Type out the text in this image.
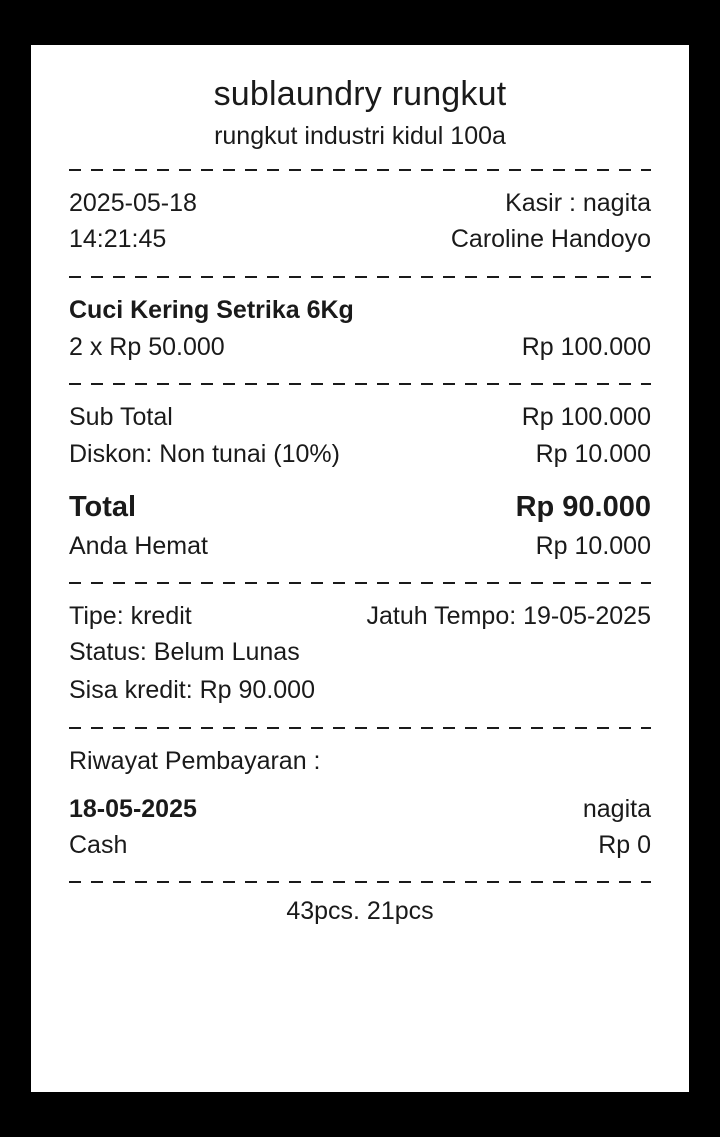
sublaundry rungkut
rungkut industri kidul 100a
2025-05-18	Kasir : nagita
14:21:45	Caroline Handoyo
Cuci Kering Setrika 6Kg
2 x Rp 50.000	Rp 100.000
Sub Total	Rp 100.000
Diskon: Non tunai (10%)	Rp 10.000
Total	Rp 90.000
Anda Hemat	Rp 10.000
Tipe: kredit	Jatuh Tempo: 19-05-2025
Status: Belum Lunas
Sisa kredit: Rp 90.000
Riwayat Pembayaran :
18-05-2025	nagita
Cash	Rp 0
43pcs. 21pcs
